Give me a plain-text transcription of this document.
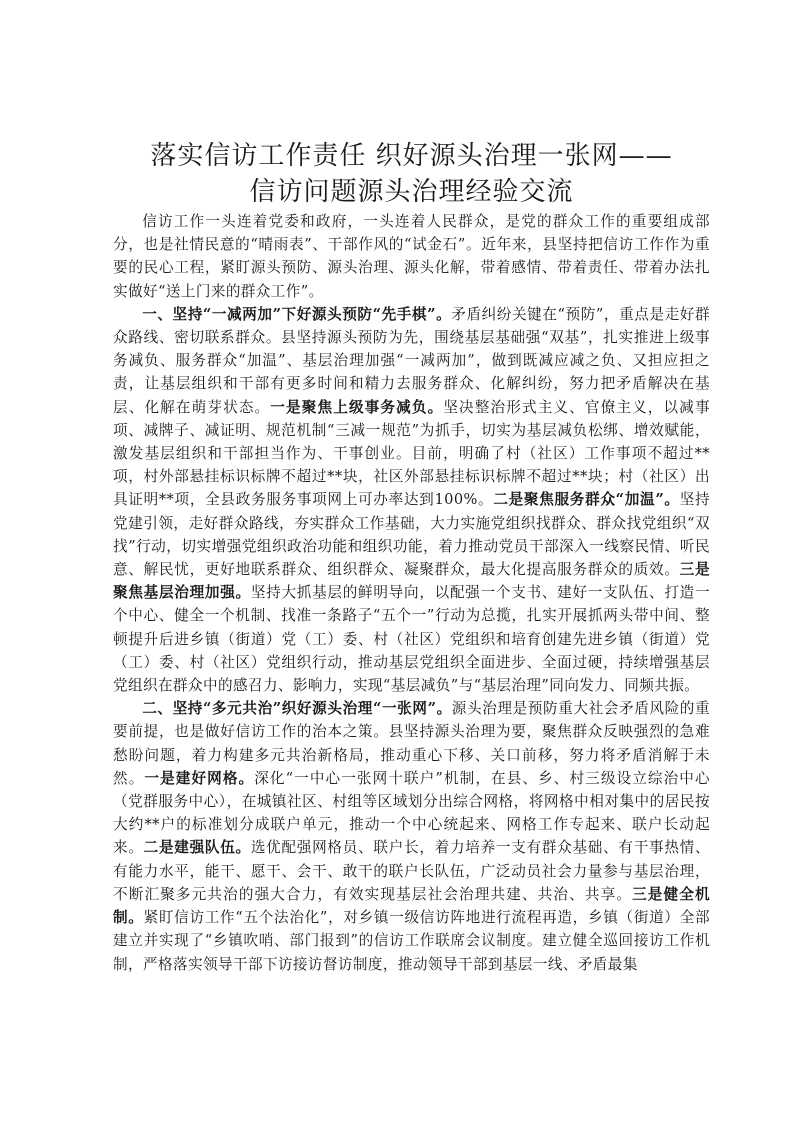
落实信访工作责任 织好源头治理一张网——
信访问题源头治理经验交流

信访工作一头连着党委和政府，一头连着人民群众，是党的群众工作的重要组成部分，也是社情民意的“晴雨表”、干部作风的“试金石”。近年来，县坚持把信访工作作为重要的民心工程，紧盯源头预防、源头治理、源头化解，带着感情、带着责任、带着办法扎实做好“送上门来的群众工作”。

一、坚持“一减两加”下好源头预防“先手棋”。矛盾纠纷关键在“预防”，重点是走好群众路线、密切联系群众。县坚持源头预防为先，围绕基层基础强“双基”，扎实推进上级事务减负、服务群众“加温”、基层治理加强“一减两加”，做到既减应减之负、又担应担之责，让基层组织和干部有更多时间和精力去服务群众、化解纠纷，努力把矛盾解决在基层、化解在萌芽状态。一是聚焦上级事务减负。坚决整治形式主义、官僚主义，以减事项、减牌子、减证明、规范机制“三减一规范”为抓手，切实为基层减负松绑、增效赋能，激发基层组织和干部担当作为、干事创业。目前，明确了村（社区）工作事项不超过**项，村外部悬挂标识标牌不超过**块，社区外部悬挂标识标牌不超过**块；村（社区）出具证明**项，全县政务服务事项网上可办率达到100%。二是聚焦服务群众“加温”。坚持党建引领，走好群众路线，夯实群众工作基础，大力实施党组织找群众、群众找党组织“双找”行动，切实增强党组织政治功能和组织功能，着力推动党员干部深入一线察民情、听民意、解民忧，更好地联系群众、组织群众、凝聚群众，最大化提高服务群众的质效。三是聚焦基层治理加强。坚持大抓基层的鲜明导向，以配强一个支书、建好一支队伍、打造一个中心、健全一个机制、找准一条路子“五个一”行动为总揽，扎实开展抓两头带中间、整顿提升后进乡镇（街道）党（工）委、村（社区）党组织和培育创建先进乡镇（街道）党（工）委、村（社区）党组织行动，推动基层党组织全面进步、全面过硬，持续增强基层党组织在群众中的感召力、影响力，实现“基层减负”与“基层治理”同向发力、同频共振。

二、坚持“多元共治”织好源头治理“一张网”。源头治理是预防重大社会矛盾风险的重要前提，也是做好信访工作的治本之策。县坚持源头治理为要，聚焦群众反映强烈的急难愁盼问题，着力构建多元共治新格局，推动重心下移、关口前移，努力将矛盾消解于未然。一是建好网格。深化“一中心一张网十联户”机制，在县、乡、村三级设立综治中心（党群服务中心），在城镇社区、村组等区域划分出综合网格，将网格中相对集中的居民按大约**户的标准划分成联户单元，推动一个中心统起来、网格工作专起来、联户长动起来。二是建强队伍。选优配强网格员、联户长，着力培养一支有群众基础、有干事热情、有能力水平，能干、愿干、会干、敢干的联户长队伍，广泛动员社会力量参与基层治理，不断汇聚多元共治的强大合力，有效实现基层社会治理共建、共治、共享。三是健全机制。紧盯信访工作“五个法治化”，对乡镇一级信访阵地进行流程再造，乡镇（街道）全部建立并实现了“乡镇吹哨、部门报到”的信访工作联席会议制度。建立健全巡回接访工作机制，严格落实领导干部下访接访督访制度，推动领导干部到基层一线、矛盾最集
